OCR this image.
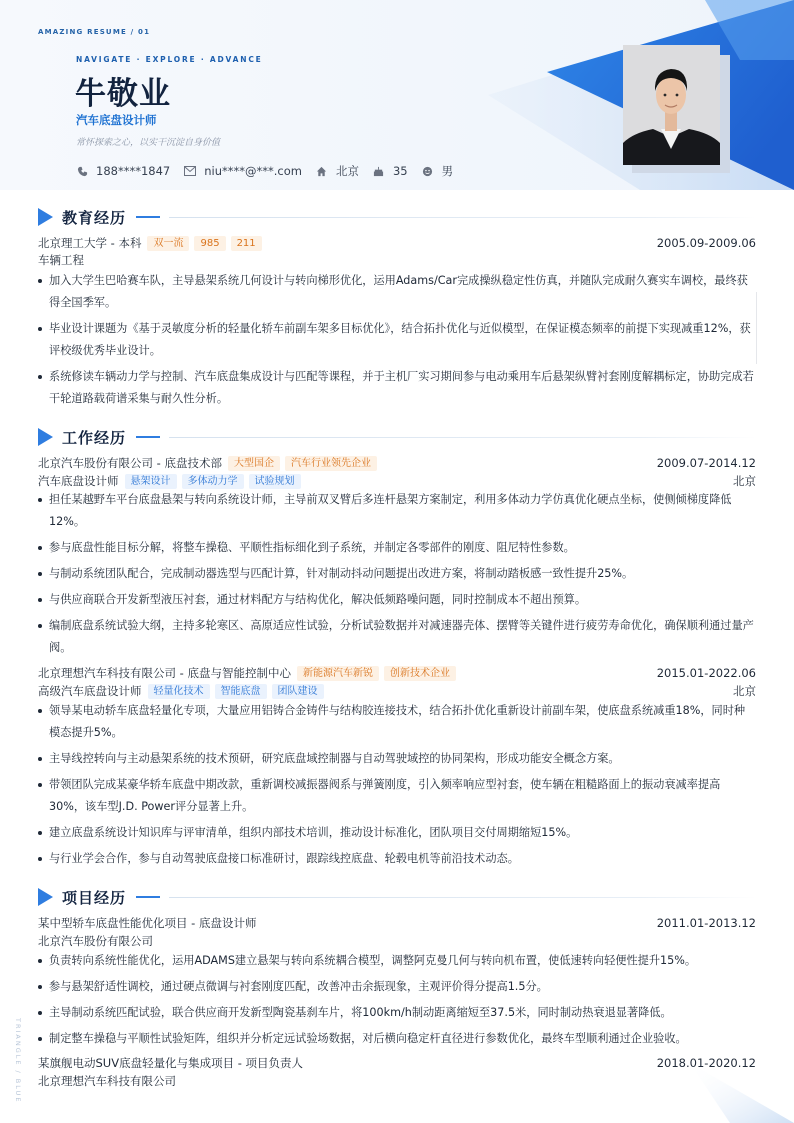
AMAZING RESUME / 01
NAVIGATE · EXPLORE · ADVANCE
牛敬业
汽车底盘设计师
常怀探索之心，以实干沉淀自身价值
188****1847	niu****@***.com	北京	35	男
教育经历
北京理工大学 - 本科	双一流	985	211	2005.09-2009.06
车辆工程
加入大学生巴哈赛车队，主导悬架系统几何设计与转向梯形优化，运用Adams/Car完成操纵稳定性仿真，并随队完成耐久赛实车调校，最终获得全国季军。
毕业设计课题为《基于灵敏度分析的轻量化轿车前副车架多目标优化》，结合拓扑优化与近似模型，在保证模态频率的前提下实现减重12%，获评校级优秀毕业设计。
系统修读车辆动力学与控制、汽车底盘集成设计与匹配等课程，并于主机厂实习期间参与电动乘用车后悬架纵臂衬套刚度解耦标定，协助完成若干轮道路载荷谱采集与耐久性分析。
工作经历
北京汽车股份有限公司 - 底盘技术部	大型国企	汽车行业领先企业	2009.07-2014.12
汽车底盘设计师	悬架设计	多体动力学	试验规划	北京
担任某越野车平台底盘悬架与转向系统设计师，主导前双叉臂后多连杆悬架方案制定，利用多体动力学仿真优化硬点坐标，使侧倾梯度降低12%。
参与底盘性能目标分解，将整车操稳、平顺性指标细化到子系统，并制定各零部件的刚度、阻尼特性参数。
与制动系统团队配合，完成制动器选型与匹配计算，针对制动抖动问题提出改进方案，将制动踏板感一致性提升25%。
与供应商联合开发新型液压衬套，通过材料配方与结构优化，解决低频路噪问题，同时控制成本不超出预算。
编制底盘系统试验大纲，主持多轮寒区、高原适应性试验，分析试验数据并对减速器壳体、摆臂等关键件进行疲劳寿命优化，确保顺利通过量产阀。
北京理想汽车科技有限公司 - 底盘与智能控制中心	新能源汽车新锐	创新技术企业	2015.01-2022.06
高级汽车底盘设计师	轻量化技术	智能底盘	团队建设	北京
领导某电动轿车底盘轻量化专项，大量应用铝铸合金铸件与结构胶连接技术，结合拓扑优化重新设计前副车架，使底盘系统减重18%，同时种模态提升5%。
主导线控转向与主动悬架系统的技术预研，研究底盘域控制器与自动驾驶域控的协同架构，形成功能安全概念方案。
带领团队完成某豪华轿车底盘中期改款，重新调校减振器阀系与弹簧刚度，引入频率响应型衬套，使车辆在粗糙路面上的振动衰减率提高30%，该车型J.D. Power评分显著上升。
建立底盘系统设计知识库与评审清单，组织内部技术培训，推动设计标准化，团队项目交付周期缩短15%。
与行业学会合作，参与自动驾驶底盘接口标准研讨，跟踪线控底盘、轮毂电机等前沿技术动态。
项目经历
某中型轿车底盘性能优化项目 - 底盘设计师	2011.01-2013.12
北京汽车股份有限公司
负责转向系统性能优化，运用ADAMS建立悬架与转向系统耦合模型，调整阿克曼几何与转向机布置，使低速转向轻便性提升15%。
参与悬架舒适性调校，通过硬点微调与衬套刚度匹配，改善冲击余振现象，主观评价得分提高1.5分。
主导制动系统匹配试验，联合供应商开发新型陶瓷基刹车片，将100km/h制动距离缩短至37.5米，同时制动热衰退显著降低。
制定整车操稳与平顺性试验矩阵，组织并分析定远试验场数据，对后横向稳定杆直径进行参数优化，最终车型顺利通过企业验收。
某旗舰电动SUV底盘轻量化与集成项目 - 项目负责人	2018.01-2020.12
北京理想汽车科技有限公司
TRIANGLE / BLUE
